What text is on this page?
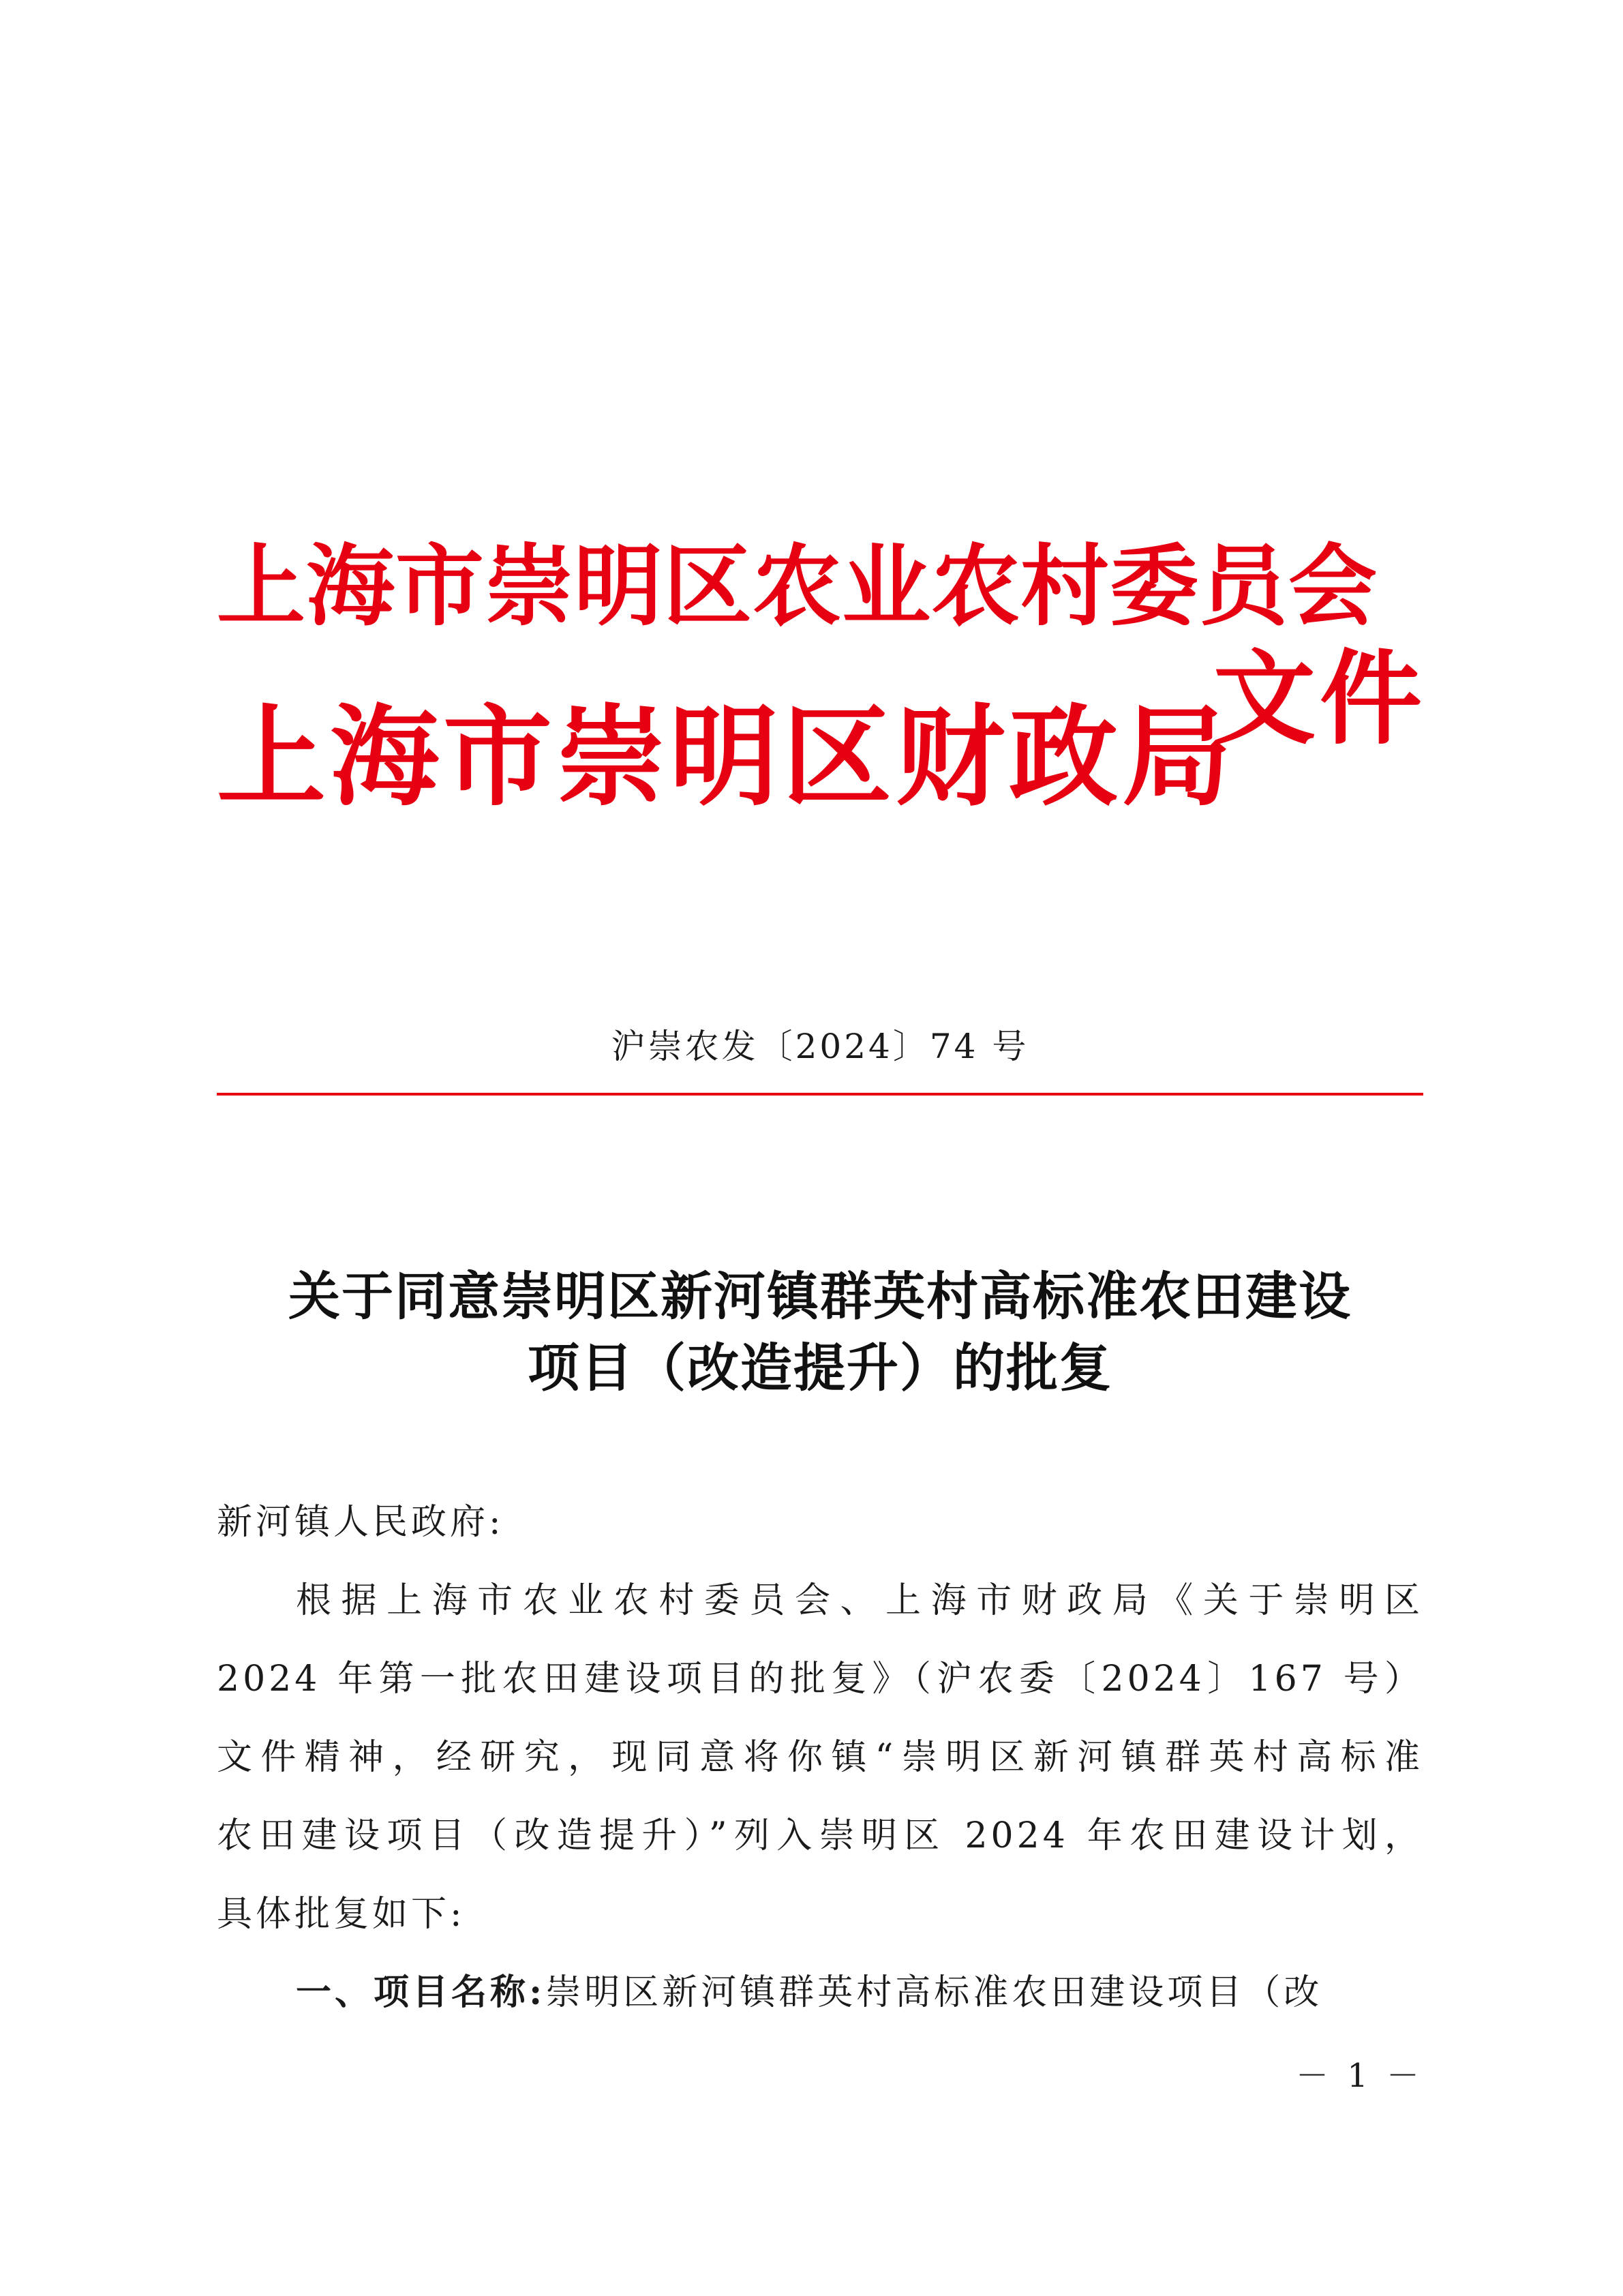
上海市崇明区农业农村委员会
上海市崇明区财政局
文件
沪崇农发〔2024〕74 号
关于同意崇明区新河镇群英村高标准农田建设
项目（改造提升）的批复
新河镇人民政府:
根据上海市农业农村委员会、上海市财政局《关于崇明区
2024 年第一批农田建设项目的批复》（沪农委〔2024〕167 号）
文件精神，经研究，现同意将你镇“崇明区新河镇群英村高标准
农田建设项目（改造提升）”列入崇明区 2024 年农田建设计划，
具体批复如下:
一、项目名称:崇明区新河镇群英村高标准农田建设项目（改
－ 1 －
